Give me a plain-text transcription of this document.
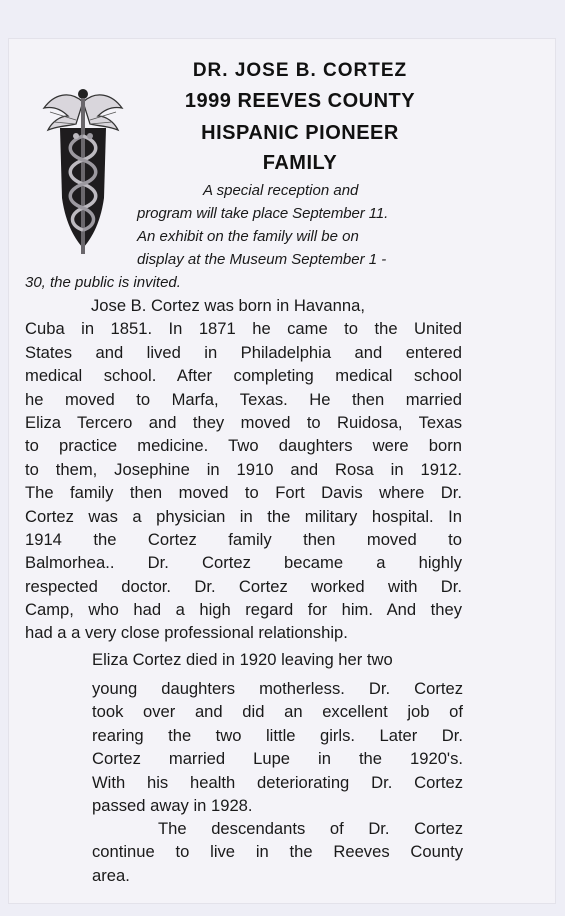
DR. JOSE B. CORTEZ
1999 REEVES COUNTY
HISPANIC PIONEER
FAMILY
A special reception and
program will take place September 11.
An exhibit on the family will be on
display at the Museum September 1 -
30, the public is invited.
Jose B. Cortez was born in Havanna,
Cuba in 1851. In 1871 he came to the United
States and lived in Philadelphia and entered
medical school. After completing medical school
he moved to Marfa, Texas. He then married
Eliza Tercero and they moved to Ruidosa, Texas
to practice medicine. Two daughters were born
to them, Josephine in 1910 and Rosa in 1912.
The family then moved to Fort Davis where Dr.
Cortez was a physician in the military hospital. In
1914 the Cortez family then moved to
Balmorhea.. Dr. Cortez became a highly
respected doctor. Dr. Cortez worked with Dr.
Camp, who had a high regard for him. And they
had a a very close professional relationship.
Eliza Cortez died in 1920 leaving her two
young daughters motherless. Dr. Cortez
took over and did an excellent job of
rearing the two little girls. Later Dr.
Cortez married Lupe in the 1920's.
With his health deteriorating Dr. Cortez
passed away in 1928.
The descendants of Dr. Cortez
continue to live in the Reeves County
area.
